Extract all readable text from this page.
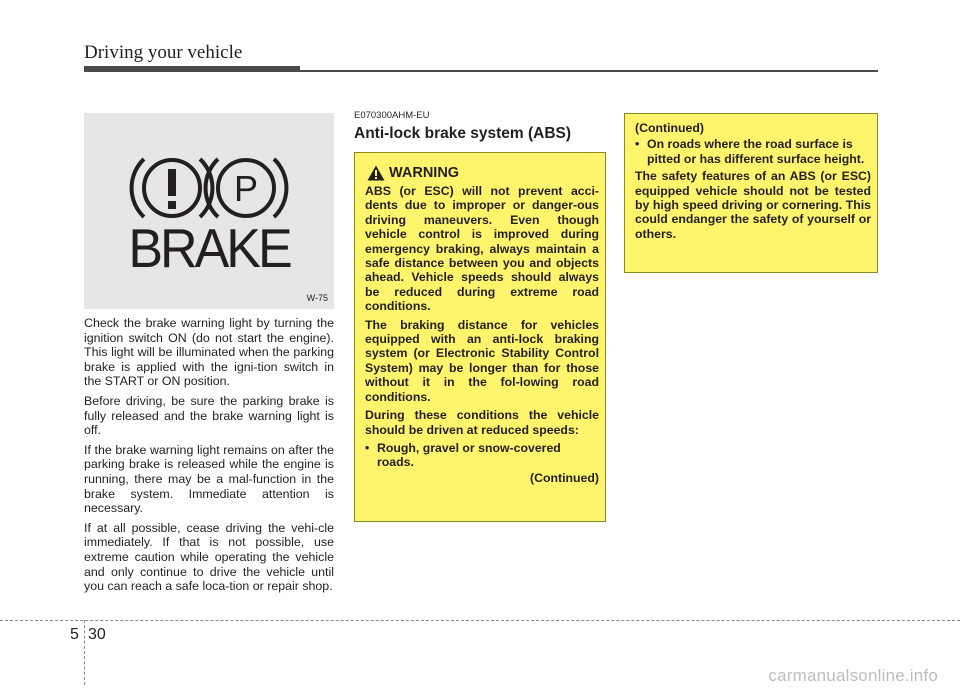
Driving your vehicle
P
BRAKE
W-75

Check the brake warning light by turning the ignition switch ON (do not start the engine). This light will be illuminated when the parking brake is applied with the igni-tion switch in the START or ON position.

Before driving, be sure the parking brake is fully released and the brake warning light is off.

If the brake warning light remains on after the parking brake is released while the engine is running, there may be a mal-function in the brake system. Immediate attention is necessary.

If at all possible, cease driving the vehi-cle immediately. If that is not possible, use extreme caution while operating the vehicle and only continue to drive the vehicle until you can reach a safe loca-tion or repair shop.

E070300AHM-EU
Anti-lock brake system (ABS)
WARNING

ABS (or ESC) will not prevent acci-dents due to improper or danger-ous driving maneuvers. Even though vehicle control is improved during emergency braking, always maintain a safe distance between you and objects ahead. Vehicle speeds should always be reduced during extreme road conditions.

The braking distance for vehicles equipped with an anti-lock braking system (or Electronic Stability Control System) may be longer than for those without it in the fol-lowing road conditions.

During these conditions the vehicle should be driven at reduced speeds:

• Rough, gravel or snow-covered roads.
(Continued)

(Continued)

• On roads where the road surface is pitted or has different surface height.

The safety features of an ABS (or ESC) equipped vehicle should not be tested by high speed driving or cornering. This could endanger the safety of yourself or others.

5 30
carmanualsonline.info
